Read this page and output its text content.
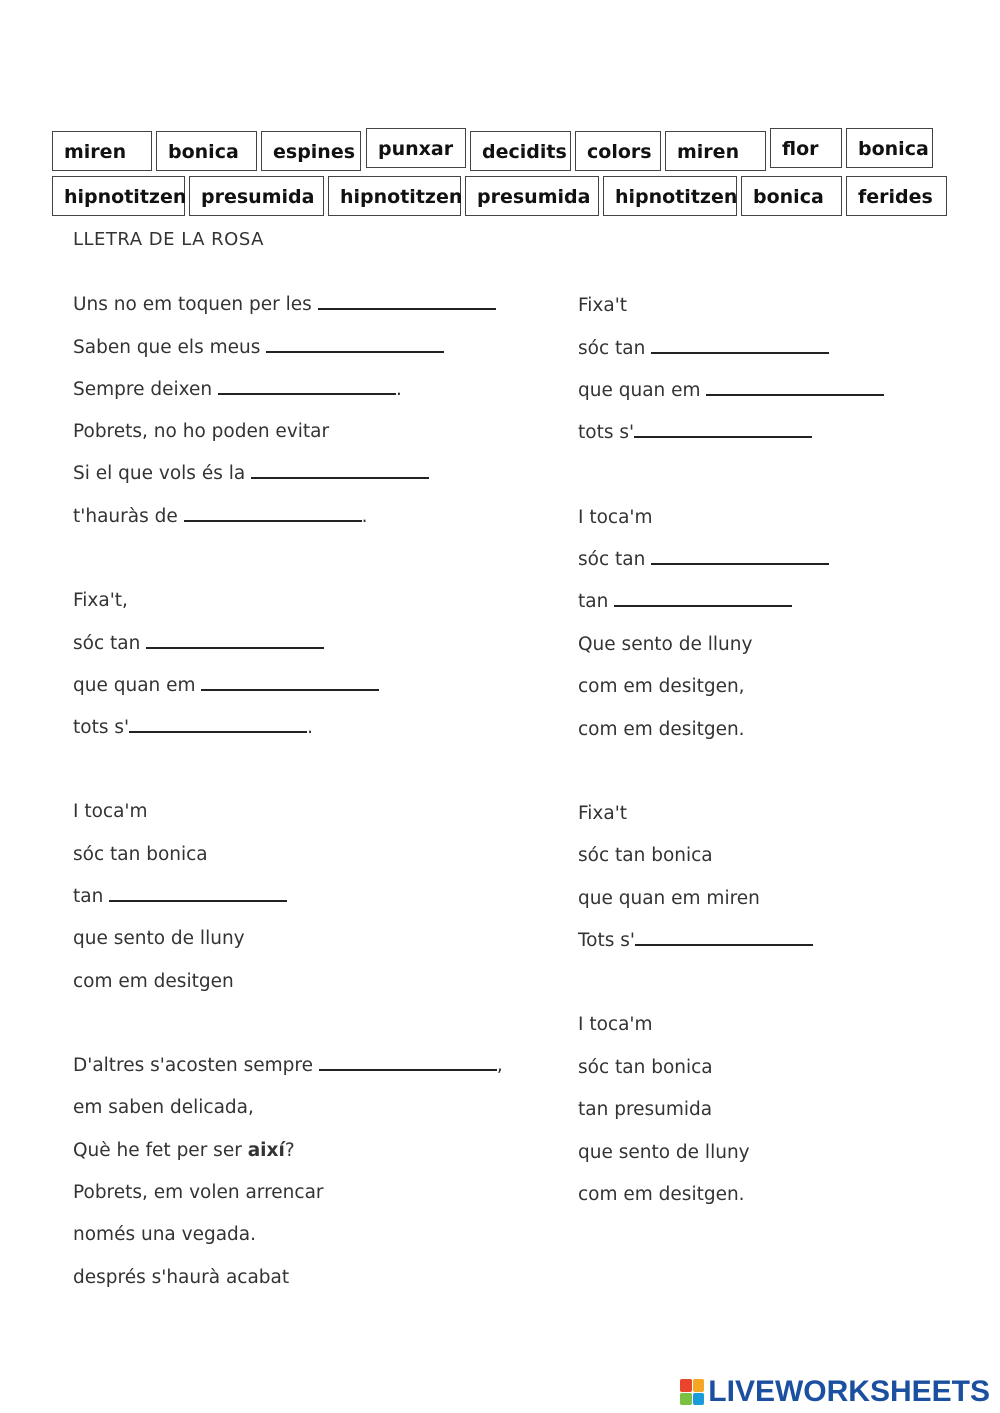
miren	bonica	espines	punxar	decidits	colors	miren	flor	bonica
hipnotitzen presumida	hipnotitzen presumida	hipnotitzen bonica	ferides
LLETRA DE LA ROSA
Uns no em toquen per les
Saben que els meus
Sempre deixen	.
Pobrets, no ho poden evitar
Si el que vols és la
t'hauràs de	.
Fixa't,
sóc tan
que quan em
tots s'	.
I toca'm
sóc tan bonica
tan
que sento de lluny
com em desitgen
D'altres s'acosten sempre	,
em saben delicada,
Què he fet per ser així?
Pobrets, em volen arrencar
només una vegada.
després s'haurà acabat
Fixa't
sóc tan
que quan em
tots s'
I toca'm
sóc tan
tan
Que sento de lluny
com em desitgen,
com em desitgen.
Fixa't
sóc tan bonica
que quan em miren
Tots s'
I toca'm
sóc tan bonica
tan presumida
que sento de lluny
com em desitgen.
LIVEWORKSHEETS
